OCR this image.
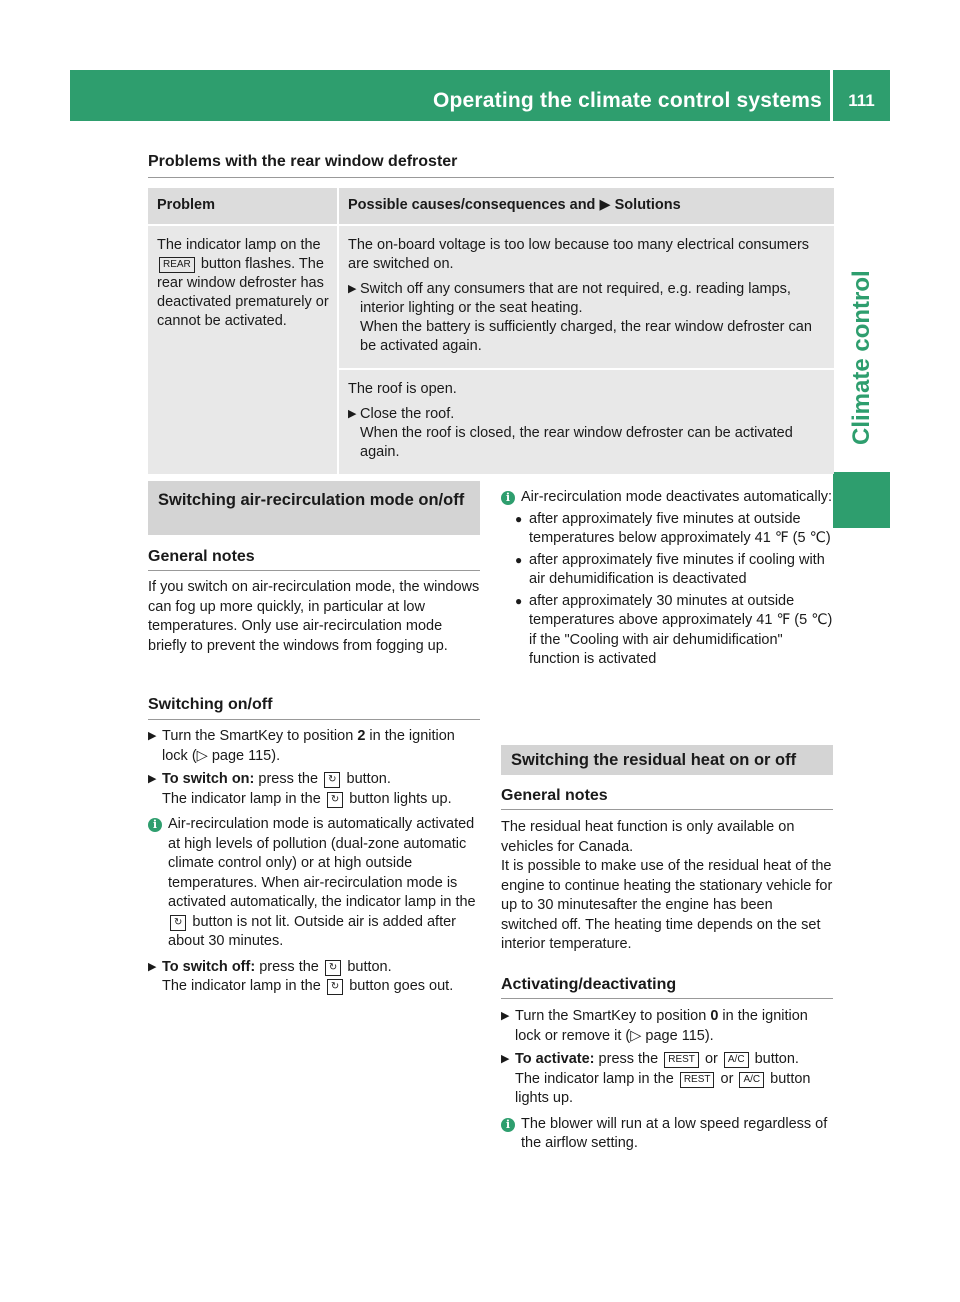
Operating the climate control systems	111
Climate control
Problems with the rear window defroster
Problem	Possible causes/consequences and ▶ Solutions
The indicator lamp on the REAR button flashes. The rear window defroster has deactivated prematurely or cannot be activated.	The on-board voltage is too low because too many electrical consumers are switched on.
▶ Switch off any consumers that are not required, e.g. reading lamps, interior lighting or the seat heating.
When the battery is sufficiently charged, the rear window defroster can be activated again.

	The roof is open.
▶ Close the roof.
When the roof is closed, the rear window defroster can be activated again.
Switching air-recirculation mode on/off
General notes
If you switch on air-recirculation mode, the windows can fog up more quickly, in particular at low temperatures. Only use air-recirculation mode briefly to prevent the windows from fogging up.
Switching on/off
▶ Turn the SmartKey to position 2 in the ignition lock (▷ page 115).
▶ To switch on: press the ↻ button.
The indicator lamp in the ↻ button lights up.
i Air-recirculation mode is automatically activated at high levels of pollution (dual-zone automatic climate control only) or at high outside temperatures. When air-recirculation mode is activated automatically, the indicator lamp in the ↻ button is not lit. Outside air is added after about 30 minutes.
▶ To switch off: press the ↻ button.
The indicator lamp in the ↻ button goes out.
i Air-recirculation mode deactivates automatically:
● after approximately five minutes at outside temperatures below approximately 41 ℉ (5 ℃)
● after approximately five minutes if cooling with air dehumidification is deactivated
● after approximately 30 minutes at outside temperatures above approximately 41 ℉ (5 ℃) if the "Cooling with air dehumidification" function is activated
Switching the residual heat on or off
General notes
The residual heat function is only available on vehicles for Canada.
It is possible to make use of the residual heat of the engine to continue heating the stationary vehicle for up to 30 minutesafter the engine has been switched off. The heating time depends on the set interior temperature.
Activating/deactivating
▶ Turn the SmartKey to position 0 in the ignition lock or remove it (▷ page 115).
▶ To activate: press the REST or A/C button.
The indicator lamp in the REST or A/C button lights up.
i The blower will run at a low speed regardless of the airflow setting.
